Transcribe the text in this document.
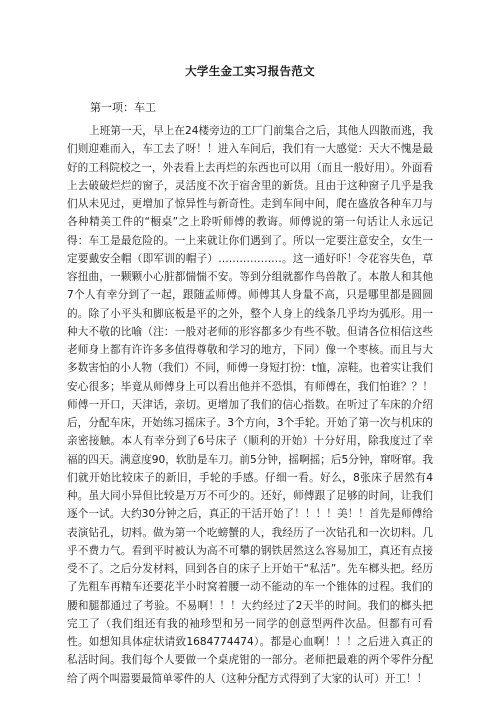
大学生金工实习报告范文
第一项：车工

上班第一天，早上在24楼旁边的工厂门前集合之后，其他人四散而逃，我们则迎难而入，车工去了呀！！进入车间后，我们有一大感觉：天大不愧是最好的工科院校之一，外表看上去再烂的东西也可以用（而且一般好用）。外面看上去破破烂烂的窗子，灵活度不次于宿舍里的新货。且由于这种窗子几乎是我们从未见过，更增加了惊异性与新奇性。走到车间中间，爬在盛放各种车刀与各种精美工件的“橱桌”之上聆听师傅的教诲。师傅说的第一句话让人永远记得：车工是最危险的。一上来就让你们遇到了。所以一定要注意安全，女生一定要戴安全帽（即军训的帽子）………………。这一通好吓！令花容失色，草容扭曲，一颗颗小心脏都惴惴不安。等到分组就都作鸟兽散了。本散人和其他7个人有幸分到了一起，跟随孟师傅。师傅其人身量不高，只是哪里都是圆圆的。除了小平头和脚底板是平的之外，整个人身上的线条几乎均为弧形。用一种大不敬的比喻（注：一般对老师的形容都多少有些不敬。但请各位相信这些老师身上都有许许多多值得尊敬和学习的地方，下同）像一个枣核。而且与大多数害怕的小人物（我们）不同，师傅一身短打扮：t恤，凉鞋。也着实让我们安心很多；毕竟从师傅身上可以看出他并不恐惧，有师傅在，我们怕谁？？！师傅一开口，天津话，亲切。更增加了我们的信心指数。在听过了车床的介绍后，分配车床，开始练习摇床子。3个方向，3个手轮。开始了第一次与机床的亲密接触。本人有幸分到了6号床子（顺利的开始）十分好用，除我度过了幸福的四天。满意度90，软肋是车刀。前5分钟，摇啊摇；后5分钟，窜呀窜。我们就开始比较床子的新旧，手轮的手感。仔细一看。好么，8张床子居然有4种。虽大同小异但比较是万万不可少的。还好，师傅跟了足够的时间，让我们逐个一试。大约30分钟之后，真正的干活开始了！！！！美！！首先是师傅给表演钻孔，切料。做为第一个吃螃蟹的人，我经历了一次钻孔和一次切料。几乎不费力气。看到平时被认为高不可攀的钢铁居然这么容易加工，真还有点接受不了。之后分发材料，回到各自的床子上开始干“私活”。先车榔头把。经历了先粗车再精车还要花半小时窝着腰一动不能动的车一个锥体的过程。我们的腰和腿都通过了考验。不易啊！！！大约经过了2天半的时间。我们的榔头把完工了（我们组还有我的袖珍型和另一同学的创意型两件次品。但都有可看性。如想知具体症状请致1684774474）。都是心血啊！！！之后进入真正的私活时间。我们每个人要做一个桌虎钳的一部分。老师把最难的两个零件分配给了两个叫嚣要最简单零件的人（这种分配方式得到了大家的认可）开工！！
